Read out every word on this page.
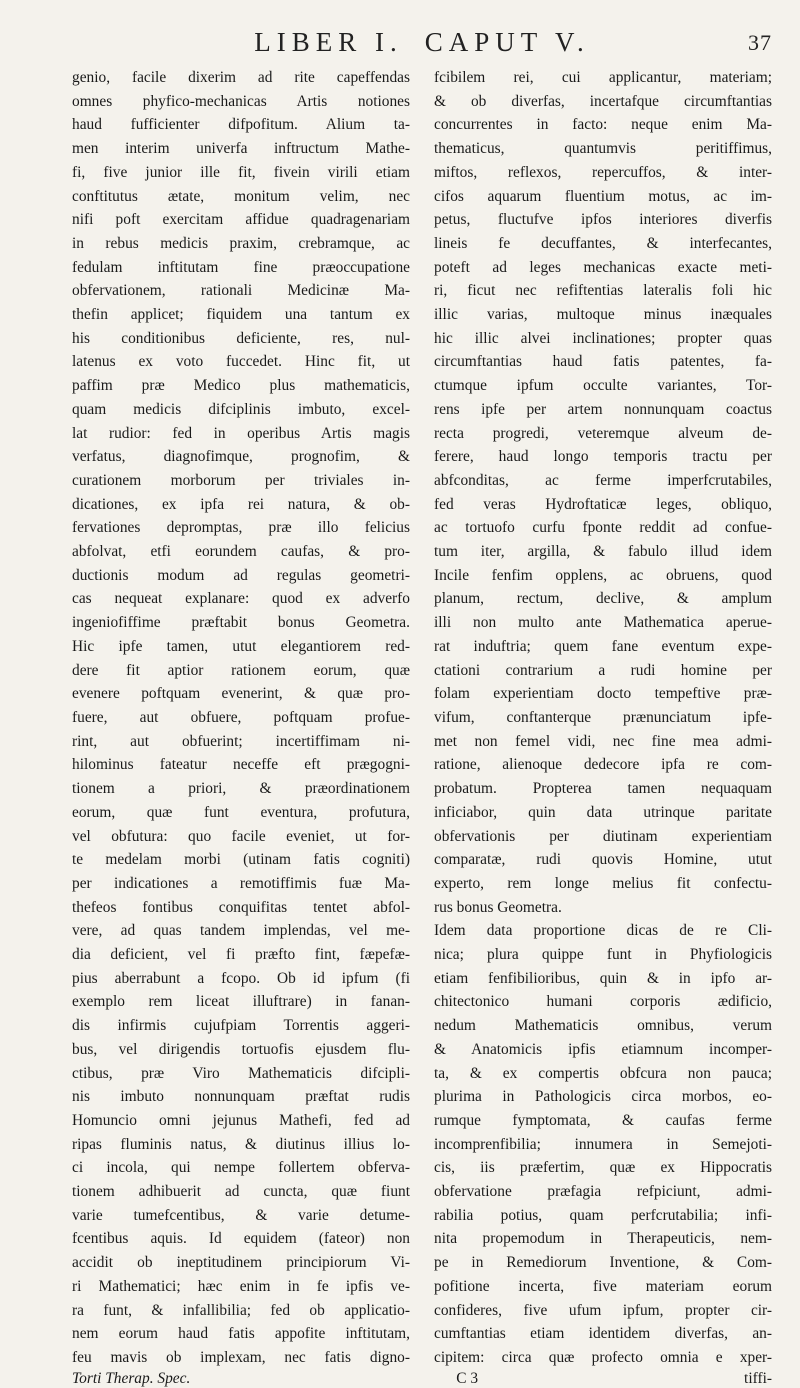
LIBER I. CAPUT V.	37
genio, facile dixerim ad rite capeffendas
omnes phyfico-mechanicas Artis notiones
haud fufficienter difpofitum. Alium ta-
men interim univerfa inftructum Mathe-
fi, five junior ille fit, fivein virili etiam
conftitutus ætate, monitum velim, nec
nifi poft exercitam affidue quadragenariam
in rebus medicis praxim, crebramque, ac
fedulam inftitutam fine præoccupatione
obfervationem, rationali Medicinæ Ma-
thefin applicet; fiquidem una tantum ex
his conditionibus deficiente, res, nul-
latenus ex voto fuccedet. Hinc fit, ut
paffim præ Medico plus mathematicis,
quam medicis difciplinis imbuto, excel-
lat rudior: fed in operibus Artis magis
verfatus, diagnofimque, prognofim, &
curationem morborum per triviales in-
dicationes, ex ipfa rei natura, & ob-
fervationes depromptas, præ illo felicius
abfolvat, etfi eorundem caufas, & pro-
ductionis modum ad regulas geometri-
cas nequeat explanare: quod ex adverfo
ingeniofiffime præftabit bonus Geometra.
Hic ipfe tamen, utut elegantiorem red-
dere fit aptior rationem eorum, quæ
evenere poftquam evenerint, & quæ pro-
fuere, aut obfuere, poftquam profue-
rint, aut obfuerint; incertiffimam ni-
hilominus fateatur neceffe eft prægogni-
tionem a priori, & præordinationem
eorum, quæ funt eventura, profutura,
vel obfutura: quo facile eveniet, ut for-
te medelam morbi (utinam fatis cogniti)
per indicationes a remotiffimis fuæ Ma-
thefeos fontibus conquifitas tentet abfol-
vere, ad quas tandem implendas, vel me-
dia deficient, vel fi præfto fint, fæpefæ-
pius aberrabunt a fcopo. Ob id ipfum (fi
exemplo rem liceat illuftrare) in fanan-
dis infirmis cujufpiam Torrentis aggeri-
bus, vel dirigendis tortuofis ejusdem flu-
ctibus, præ Viro Mathematicis difcipli-
nis imbuto nonnunquam præftat rudis
Homuncio omni jejunus Mathefi, fed ad
ripas fluminis natus, & diutinus illius lo-
ci incola, qui nempe follertem obferva-
tionem adhibuerit ad cuncta, quæ fiunt
varie tumefcentibus, & varie detume-
fcentibus aquis. Id equidem (fateor) non
accidit ob ineptitudinem principiorum Vi-
ri Mathematici; hæc enim in fe ipfis ve-
ra funt, & infallibilia; fed ob applicatio-
nem eorum haud fatis appofite inftitutam,
feu mavis ob implexam, nec fatis digno-
fcibilem rei, cui applicantur, materiam;
& ob diverfas, incertafque circumftantias
concurrentes in facto: neque enim Ma-
thematicus, quantumvis peritiffimus,
miftos, reflexos, repercuffos, & inter-
cifos aquarum fluentium motus, ac im-
petus, fluctufve ipfos interiores diverfis
lineis fe decuffantes, & interfecantes,
poteft ad leges mechanicas exacte meti-
ri, ficut nec refiftentias lateralis foli hic
illic varias, multoque minus inæquales
hic illic alvei inclinationes; propter quas
circumftantias haud fatis patentes, fa-
ctumque ipfum occulte variantes, Tor-
rens ipfe per artem nonnunquam coactus
recta progredi, veteremque alveum de-
ferere, haud longo temporis tractu per
abfconditas, ac ferme imperfcrutabiles,
fed veras Hydroftaticæ leges, obliquo,
ac tortuofo curfu fponte reddit ad confue-
tum iter, argilla, & fabulo illud idem
Incile fenfim opplens, ac obruens, quod
planum, rectum, declive, & amplum
illi non multo ante Mathematica aperue-
rat induftria; quem fane eventum expe-
ctationi contrarium a rudi homine per
folam experientiam docto tempeftive præ-
vifum, conftanterque prænunciatum ipfe-
met non femel vidi, nec fine mea admi-
ratione, alienoque dedecore ipfa re com-
probatum. Propterea tamen nequaquam
inficiabor, quin data utrinque paritate
obfervationis per diutinam experientiam
comparatæ, rudi quovis Homine, utut
experto, rem longe melius fit confectu-
rus bonus Geometra.
Idem data proportione dicas de re Cli-
nica; plura quippe funt in Phyfiologicis
etiam fenfibilioribus, quin & in ipfo ar-
chitectonico humani corporis ædificio,
nedum Mathematicis omnibus, verum
& Anatomicis ipfis etiamnum incomper-
ta, & ex compertis obfcura non pauca;
plurima in Pathologicis circa morbos, eo-
rumque fymptomata, & caufas ferme
incomprenfibilia; innumera in Semejoti-
cis, iis præfertim, quæ ex Hippocratis
obfervatione præfagia refpiciunt, admi-
rabilia potius, quam perfcrutabilia; infi-
nita propemodum in Therapeuticis, nem-
pe in Remediorum Inventione, & Com-
pofitione incerta, five materiam eorum
confideres, five ufum ipfum, propter cir-
cumftantias etiam identidem diverfas, an-
cipitem: circa quæ profecto omnia e xper-
Torti Therap. Spec.	C 3	tiffi-
